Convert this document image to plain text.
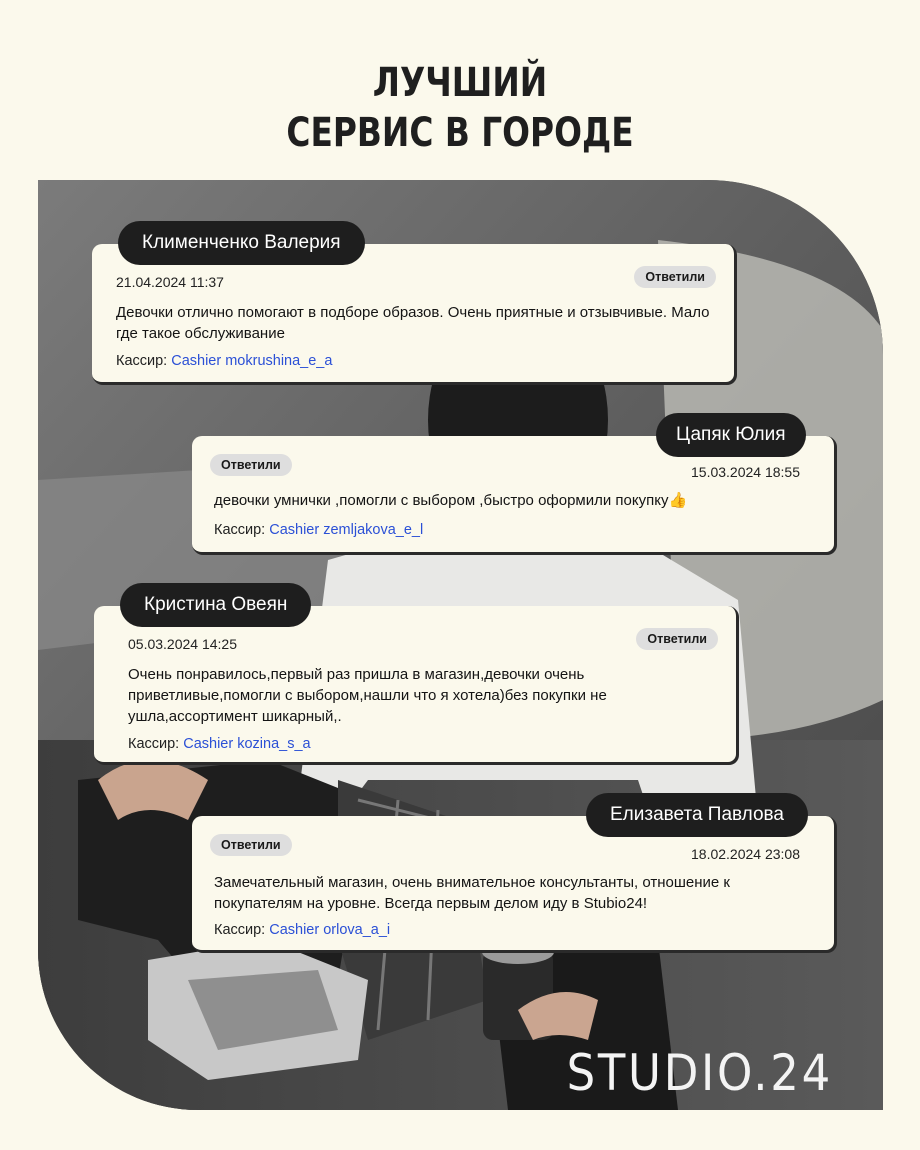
ЛУЧШИЙ
СЕРВИС В ГОРОДЕ
STUDIO.24
21.04.2024 11:37	Ответили
Девочки отлично помогают в подборе образов. Очень приятные и отзывчивые. Мало где такое обслуживание
Кассир: Cashier mokrushina_e_a
Клименченко Валерия
Ответили	15.03.2024 18:55
девочки умнички ,помогли с выбором ,быстро оформили покупку👍
Кассир: Cashier zemljakova_e_l
Цапяк Юлия
05.03.2024 14:25	Ответили
Очень понравилось,первый раз пришла в магазин,девочки очень приветливые,помогли с выбором,нашли что я хотела)без покупки не ушла,ассортимент шикарный,.
Кассир: Cashier kozina_s_a
Кристина Овеян
Ответили
18.02.2024 23:08
Замечательный магазин, очень внимательное консультанты, отношение к покупателям на уровне. Всегда первым делом иду в Stubio24!
Кассир: Cashier orlova_a_i
Елизавета Павлова
